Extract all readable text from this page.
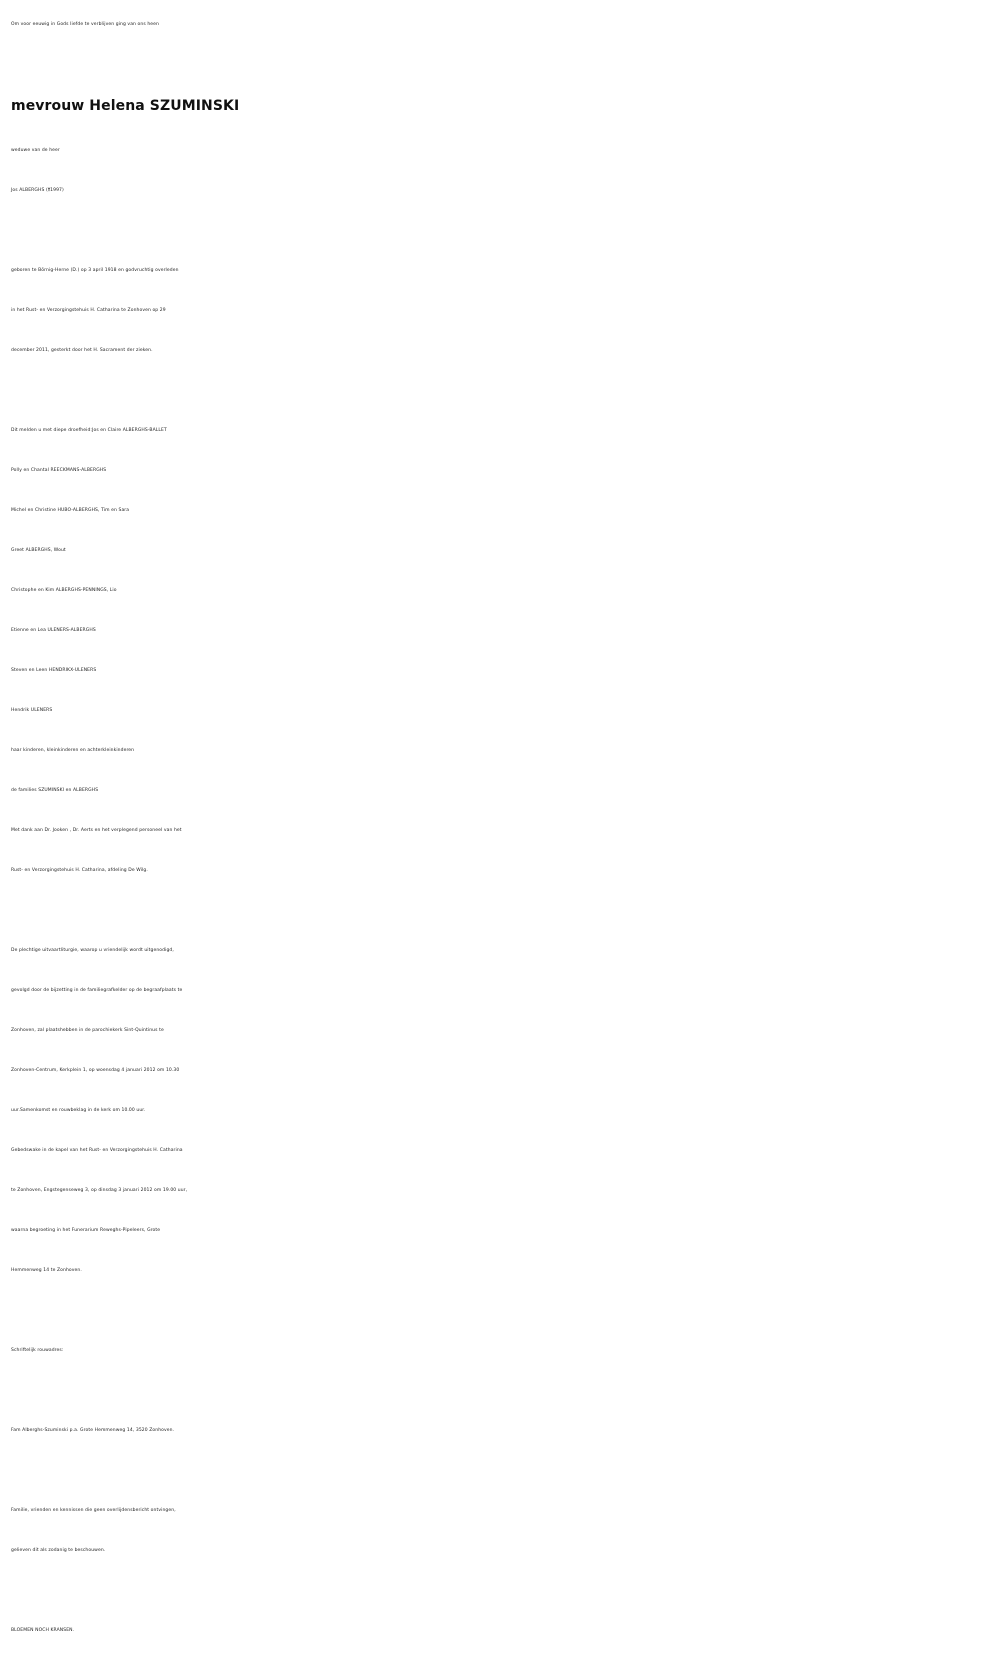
Om voor eeuwig in Gods liefde te verblijven ging van ons heen

mevrouw Helena SZUMINSKI

weduwe van de heer

Jos ALBERGHS (†1997)

geboren te Börnig-Herne (D.) op 3 april 1918 en godvruchtig overleden

in het Rust- en Verzorgingstehuis H. Catharina te Zonhoven op 29

december 2011, gesterkt door het H. Sacrament der zieken.

Dit melden u met diepe droefheid:Jos en Claire ALBERGHS-BALLET

Polly en Chantal REECKMANS-ALBERGHS

Michel en Christine HUBO-ALBERGHS, Tim en Sara

Greet ALBERGHS, Wout

Christophe en Kim ALBERGHS-PENNINGS, Lio

Etienne en Lea ULENERS-ALBERGHS

Steven en Leen HENDRIKX-ULENERS

Hendrik ULENERS

haar kinderen, kleinkinderen en achterkleinkinderen

de families SZUMINSKI en ALBERGHS

Met dank aan Dr. Jooken , Dr. Aerts en het verplegend personeel van het

Rust- en Verzorgingstehuis H. Catharina, afdeling De Wilg.

De plechtige uitvaartliturgie, waarop u vriendelijk wordt uitgenodigd,

gevolgd door de bijzetting in de familiegrafkelder op de begraafplaats te

Zonhoven, zal plaatshebben in de parochiekerk Sint-Quintinus te

Zonhoven-Centrum, Kerkplein 1, op woensdag 4 januari 2012 om 10.30

uur.Samenkomst en rouwbeklag in de kerk om 10.00 uur.

Gebedswake in de kapel van het Rust- en Verzorgingstehuis H. Catharina

te Zonhoven, Engstegenseweg 3, op dinsdag 3 januari 2012 om 19.00 uur,

waarna begroeting in het Funerarium Reweghs-Pipeleers, Grote

Hemmenweg 14 te Zonhoven.

Schriftelijk rouwadres:

Fam Alberghs-Szuminski p.a. Grote Hemmenweg 14, 3520 Zonhoven.

Familie, vrienden en kennissen die geen overlijdensbericht ontvingen,

gelieven dit als zodanig te beschouwen.

BLOEMEN NOCH KRANSEN.
